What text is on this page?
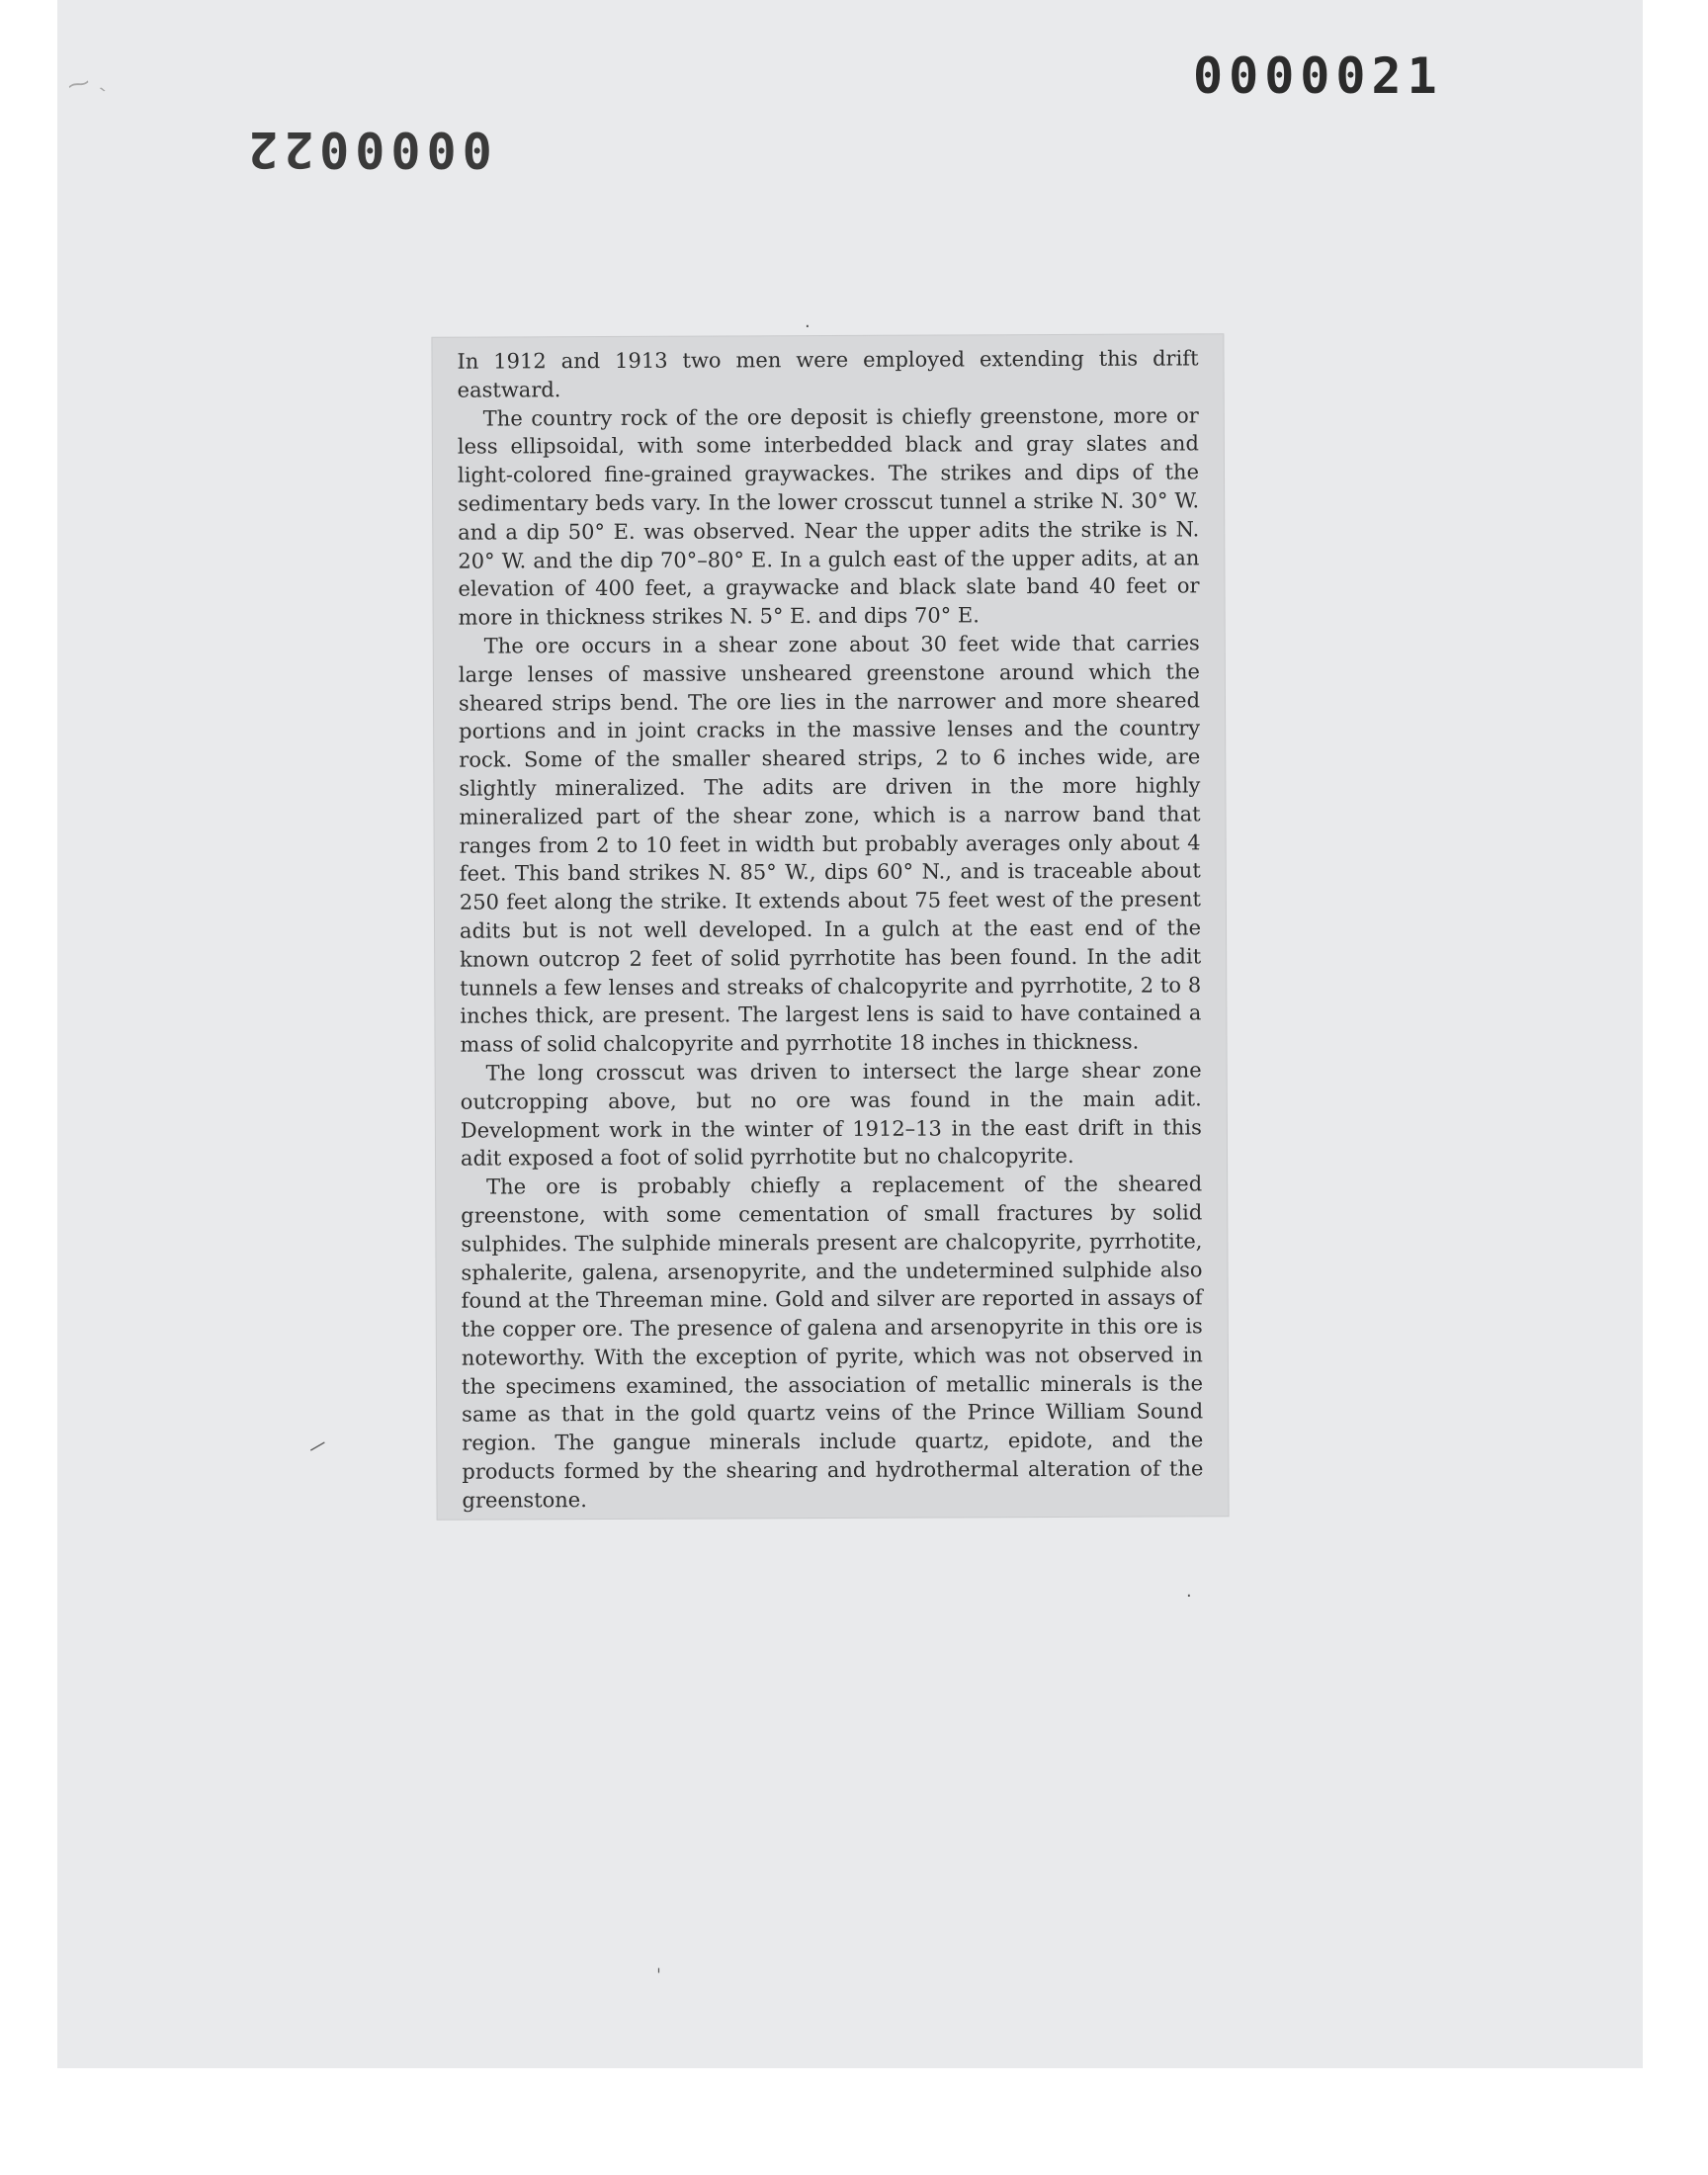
⁓ ˎ	0000021
0000022

In 1912 and 1913 two men were employed extending this drift eastward.

The country rock of the ore deposit is chiefly greenstone, more or less ellipsoidal, with some interbedded black and gray slates and light-colored fine-grained graywackes. The strikes and dips of the sedimentary beds vary. In the lower crosscut tunnel a strike N. 30° W. and a dip 50° E. was observed. Near the upper adits the strike is N. 20° W. and the dip 70°–80° E. In a gulch east of the upper adits, at an elevation of 400 feet, a graywacke and black slate band 40 feet or more in thickness strikes N. 5° E. and dips 70° E.

The ore occurs in a shear zone about 30 feet wide that carries large lenses of massive unsheared greenstone around which the sheared strips bend. The ore lies in the narrower and more sheared portions and in joint cracks in the massive lenses and the country rock. Some of the smaller sheared strips, 2 to 6 inches wide, are slightly mineralized. The adits are driven in the more highly mineralized part of the shear zone, which is a narrow band that ranges from 2 to 10 feet in width but probably averages only about 4 feet. This band strikes N. 85° W., dips 60° N., and is traceable about 250 feet along the strike. It extends about 75 feet west of the present adits but is not well developed. In a gulch at the east end of the known outcrop 2 feet of solid pyrrhotite has been found. In the adit tunnels a few lenses and streaks of chalcopyrite and pyrrhotite, 2 to 8 inches thick, are present. The largest lens is said to have contained a mass of solid chalcopyrite and pyrrhotite 18 inches in thickness.

The long crosscut was driven to intersect the large shear zone outcropping above, but no ore was found in the main adit. Development work in the winter of 1912–13 in the east drift in this adit exposed a foot of solid pyrrhotite but no chalcopyrite.

The ore is probably chiefly a replacement of the sheared greenstone, with some cementation of small fractures by solid sulphides. The sulphide minerals present are chalcopyrite, pyrrhotite, sphalerite, galena, arsenopyrite, and the undetermined sulphide also found at the Threeman mine. Gold and silver are reported in assays of the copper ore. The presence of galena and arsenopyrite in this ore is noteworthy. With the exception of pyrite, which was not observed in the specimens examined, the association of metallic minerals is the same as that in the gold quartz veins of the Prince William Sound region. The gangue minerals include quartz, epidote, and the products formed by the shearing and hydrothermal alteration of the greenstone.

·
—
·
ˈ
